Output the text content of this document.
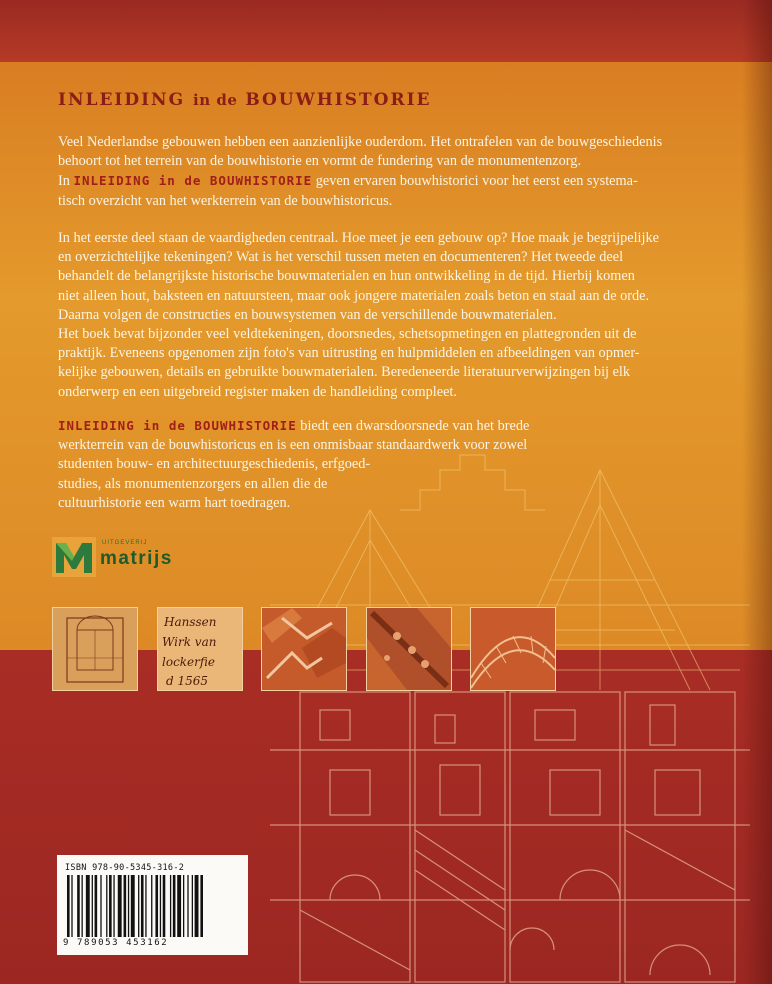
INLEIDING in de BOUWHISTORIE
Veel Nederlandse gebouwen hebben een aanzienlijke ouderdom. Het ontrafelen van de bouwgeschiedenis
behoort tot het terrein van de bouwhistorie en vormt de fundering van de monumentenzorg.
In INLEIDING in de BOUWHISTORIE geven ervaren bouwhistorici voor het eerst een systema-
tisch overzicht van het werkterrein van de bouwhistoricus.
In het eerste deel staan de vaardigheden centraal. Hoe meet je een gebouw op? Hoe maak je begrijpelijke
en overzichtelijke tekeningen? Wat is het verschil tussen meten en documenteren? Het tweede deel
behandelt de belangrijkste historische bouwmaterialen en hun ontwikkeling in de tijd. Hierbij komen
niet alleen hout, baksteen en natuursteen, maar ook jongere materialen zoals beton en staal aan de orde.
Daarna volgen de constructies en bouwsystemen van de verschillende bouwmaterialen.
Het boek bevat bijzonder veel veldtekeningen, doorsnedes, schetsopmetingen en plattegronden uit de
praktijk. Eveneens opgenomen zijn foto's van uitrusting en hulpmiddelen en afbeeldingen van opmer-
kelijke gebouwen, details en gebruikte bouwmaterialen. Beredeneerde literatuurverwijzingen bij elk
onderwerp en een uitgebreid register maken de handleiding compleet.
INLEIDING in de BOUWHISTORIE biedt een dwarsdoorsnede van het brede
werkterrein van de bouwhistoricus en is een onmisbaar standaardwerk voor zowel
studenten bouw- en architectuurgeschiedenis, erfgoed-
studies, als monumentenzorgers en allen die de
cultuurhistorie een warm hart toedragen.
UITGEVERIJ
matrijs
Hanssen
Wirk van
lockerfie
d 1565
ISBN 978-90-5345-316-2
9 789053 453162
